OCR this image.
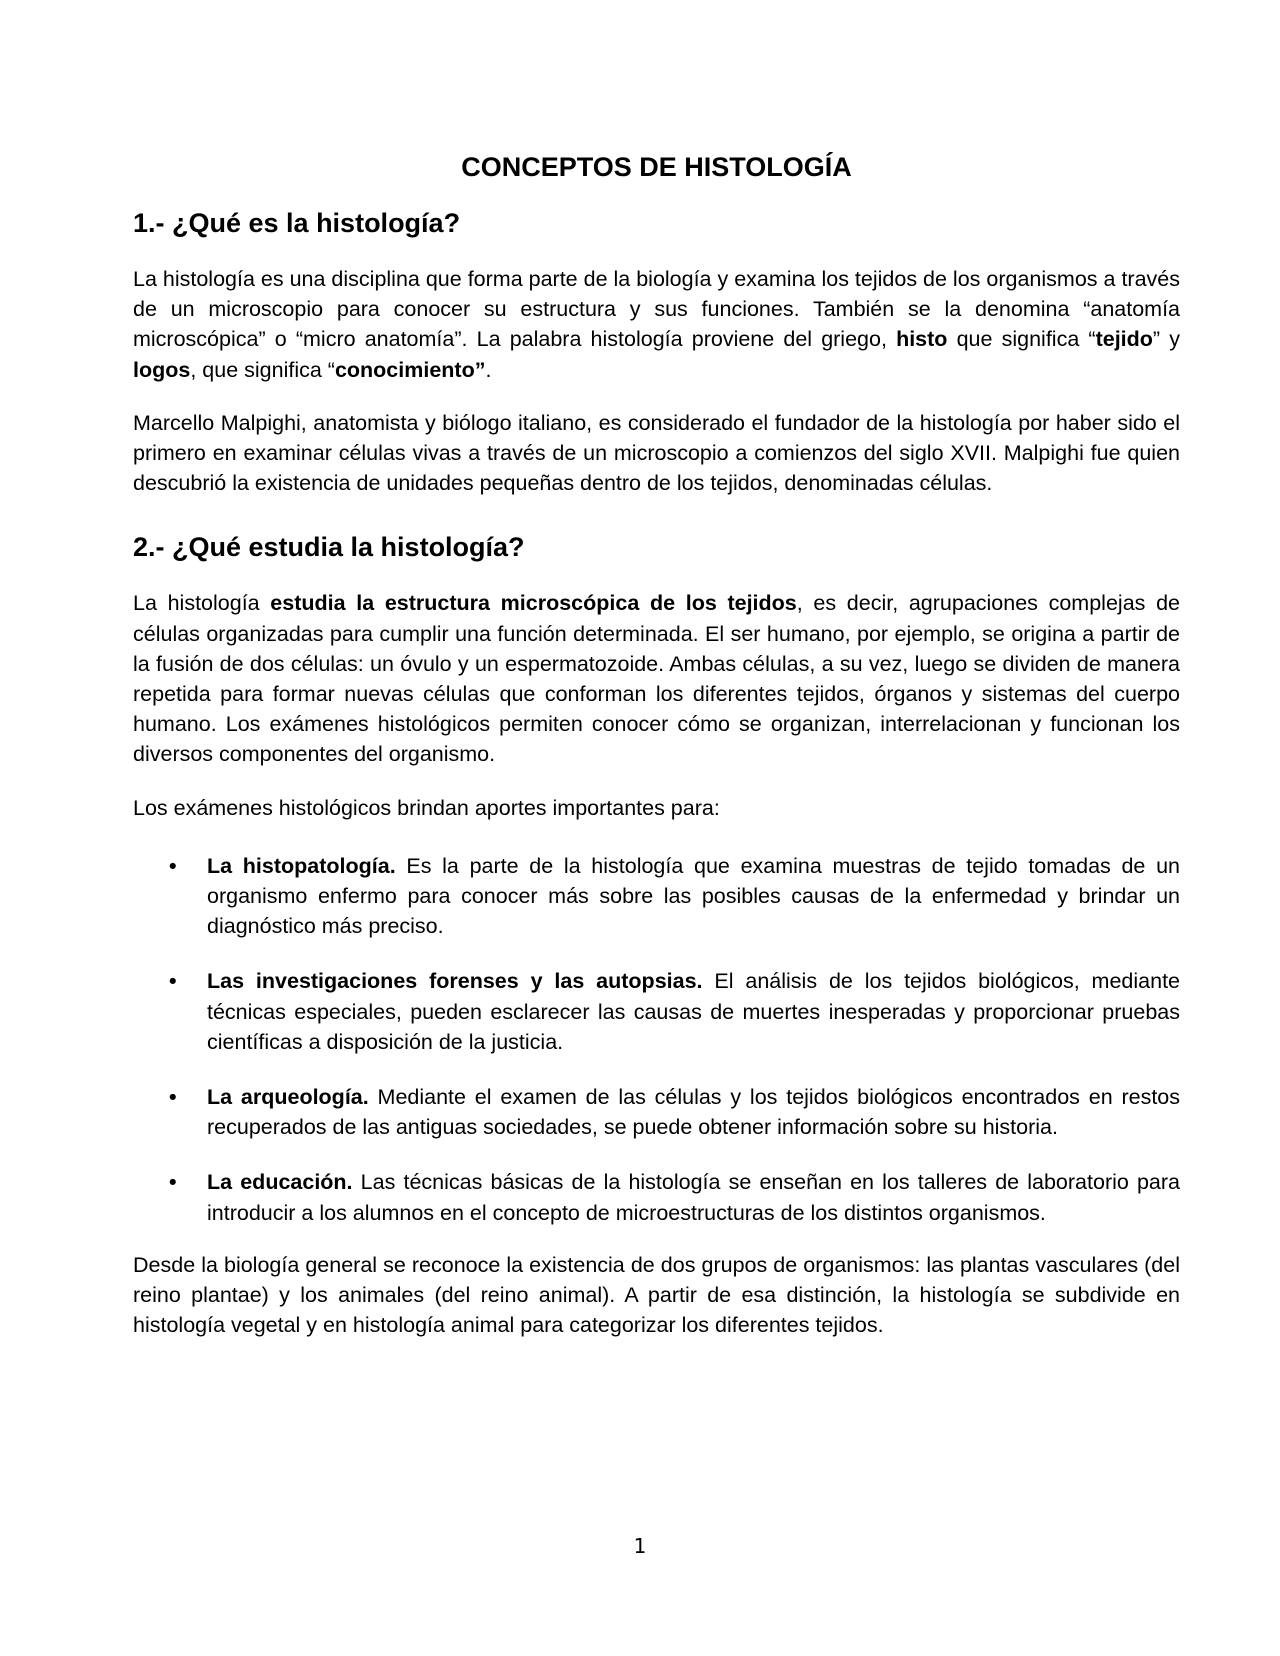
CONCEPTOS DE HISTOLOGÍA
1.- ¿Qué es la histología?

La histología es una disciplina que forma parte de la biología y examina los tejidos de los organismos a través de un microscopio para conocer su estructura y sus funciones. También se la denomina “anatomía microscópica” o “micro anatomía”. La palabra histología proviene del griego, histo que significa “tejido” y logos, que significa “conocimiento”.

Marcello Malpighi, anatomista y biólogo italiano, es considerado el fundador de la histología por haber sido el primero en examinar células vivas a través de un microscopio a comienzos del siglo XVII. Malpighi fue quien descubrió la existencia de unidades pequeñas dentro de los tejidos, denominadas células.

2.- ¿Qué estudia la histología?

La histología estudia la estructura microscópica de los tejidos, es decir, agrupaciones complejas de células organizadas para cumplir una función determinada. El ser humano, por ejemplo, se origina a partir de la fusión de dos células: un óvulo y un espermatozoide. Ambas células, a su vez, luego se dividen de manera repetida para formar nuevas células que conforman los diferentes tejidos, órganos y sistemas del cuerpo humano. Los exámenes histológicos permiten conocer cómo se organizan, interrelacionan y funcionan los diversos componentes del organismo.

Los exámenes histológicos brindan aportes importantes para:

• La histopatología. Es la parte de la histología que examina muestras de tejido tomadas de un organismo enfermo para conocer más sobre las posibles causas de la enfermedad y brindar un diagnóstico más preciso.
• Las investigaciones forenses y las autopsias. El análisis de los tejidos biológicos, mediante técnicas especiales, pueden esclarecer las causas de muertes inesperadas y proporcionar pruebas científicas a disposición de la justicia.
• La arqueología. Mediante el examen de las células y los tejidos biológicos encontrados en restos recuperados de las antiguas sociedades, se puede obtener información sobre su historia.
• La educación. Las técnicas básicas de la histología se enseñan en los talleres de laboratorio para introducir a los alumnos en el concepto de microestructuras de los distintos organismos.

Desde la biología general se reconoce la existencia de dos grupos de organismos: las plantas vasculares (del reino plantae) y los animales (del reino animal). A partir de esa distinción, la histología se subdivide en histología vegetal y en histología animal para categorizar los diferentes tejidos.

1
